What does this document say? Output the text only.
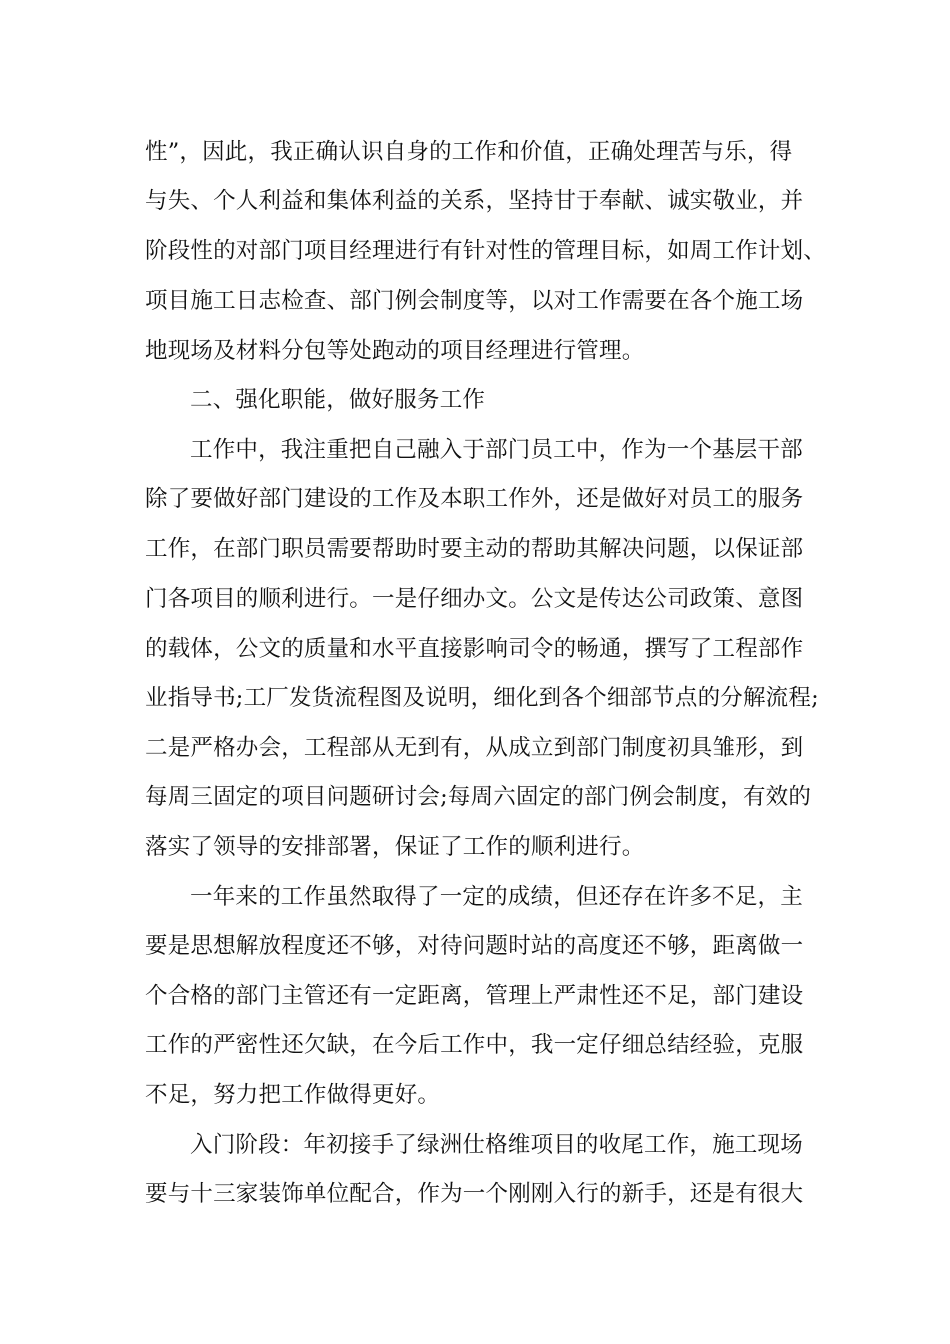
性”，因此，我正确认识自身的工作和价值，正确处理苦与乐，得
与失、个人利益和集体利益的关系，坚持甘于奉献、诚实敬业，并
阶段性的对部门项目经理进行有针对性的管理目标，如周工作计划、
项目施工日志检查、部门例会制度等，以对工作需要在各个施工场
地现场及材料分包等处跑动的项目经理进行管理。
二、强化职能，做好服务工作
工作中，我注重把自己融入于部门员工中，作为一个基层干部
除了要做好部门建设的工作及本职工作外，还是做好对员工的服务
工作，在部门职员需要帮助时要主动的帮助其解决问题，以保证部
门各项目的顺利进行。一是仔细办文。公文是传达公司政策、意图
的载体，公文的质量和水平直接影响司令的畅通，撰写了工程部作
业指导书;工厂发货流程图及说明，细化到各个细部节点的分解流程;
二是严格办会，工程部从无到有，从成立到部门制度初具雏形，到
每周三固定的项目问题研讨会;每周六固定的部门例会制度，有效的
落实了领导的安排部署，保证了工作的顺利进行。
一年来的工作虽然取得了一定的成绩，但还存在许多不足，主
要是思想解放程度还不够，对待问题时站的高度还不够，距离做一
个合格的部门主管还有一定距离，管理上严肃性还不足，部门建设
工作的严密性还欠缺，在今后工作中，我一定仔细总结经验，克服
不足，努力把工作做得更好。
入门阶段：年初接手了绿洲仕格维项目的收尾工作，施工现场
要与十三家装饰单位配合，作为一个刚刚入行的新手，还是有很大
